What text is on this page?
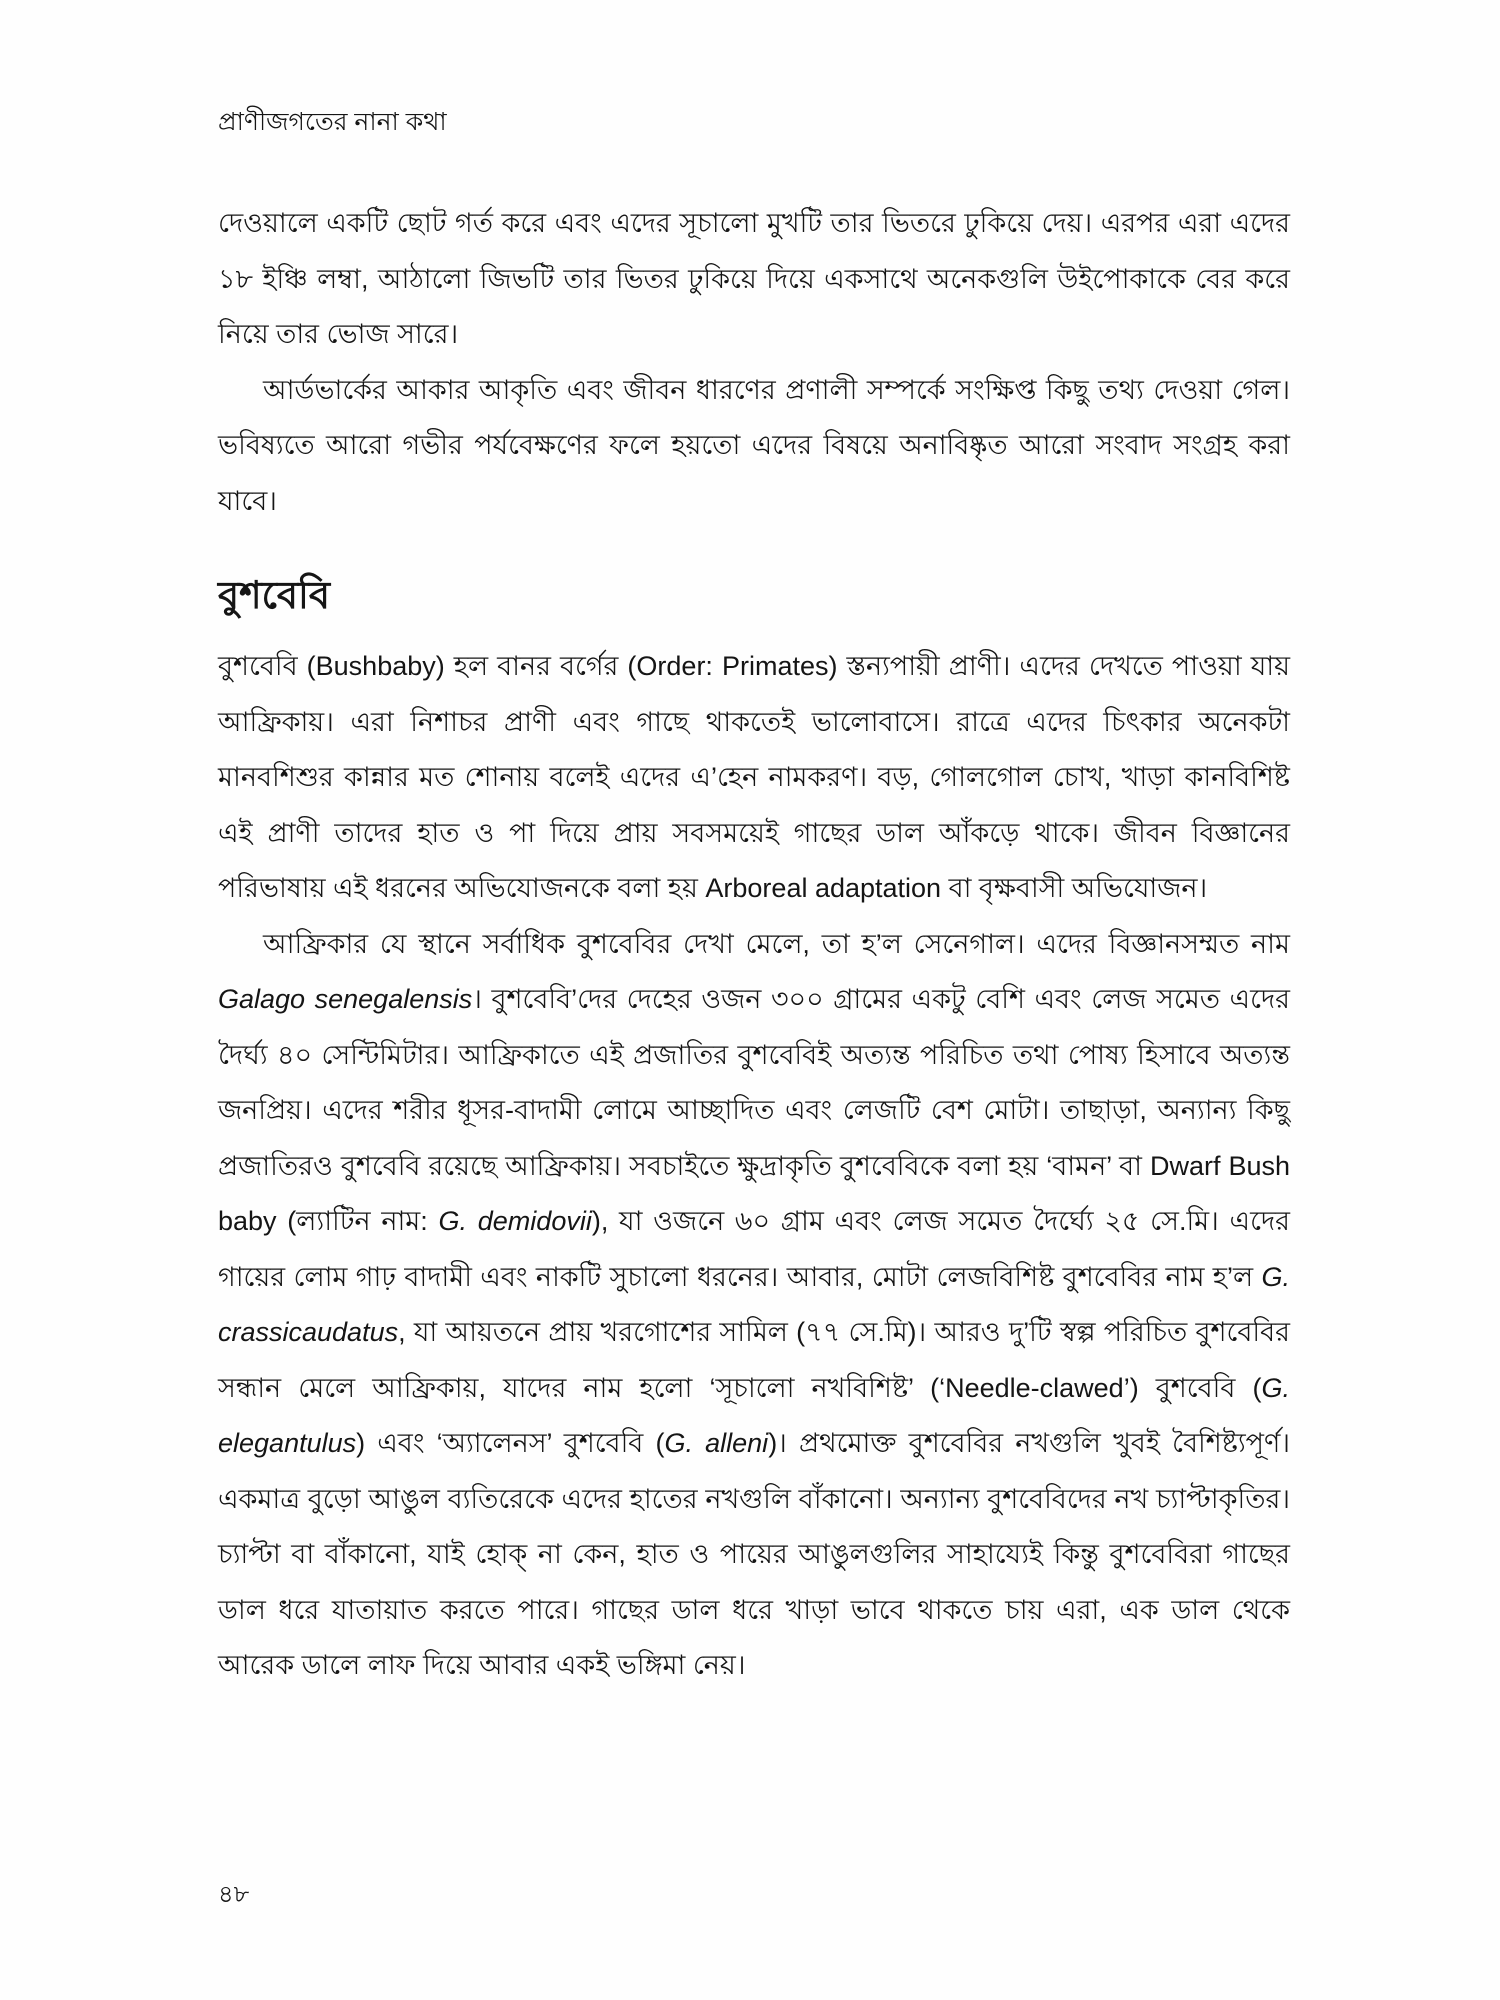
প্রাণীজগতের নানা কথা

দেওয়ালে একটি ছোট গর্ত করে এবং এদের সূচালো মুখটি তার ভিতরে ঢুকিয়ে দেয়। এরপর এরা এদের ১৮ ইঞ্চি লম্বা, আঠালো জিভটি তার ভিতর ঢুকিয়ে দিয়ে একসাথে অনেকগুলি উইপোকাকে বের করে নিয়ে তার ভোজ সারে।

আর্ডভার্কের আকার আকৃতি এবং জীবন ধারণের প্রণালী সম্পর্কে সংক্ষিপ্ত কিছু তথ্য দেওয়া গেল। ভবিষ্যতে আরো গভীর পর্যবেক্ষণের ফলে হয়তো এদের বিষয়ে অনাবিষ্কৃত আরো সংবাদ সংগ্রহ করা যাবে।

বুশবেবি

বুশবেবি (Bushbaby) হল বানর বর্গের (Order: Primates) স্তন্যপায়ী প্রাণী। এদের দেখতে পাওয়া যায় আফ্রিকায়। এরা নিশাচর প্রাণী এবং গাছে থাকতেই ভালোবাসে। রাত্রে এদের চিৎকার অনেকটা মানবশিশুর কান্নার মত শোনায় বলেই এদের এ’হেন নামকরণ। বড়, গোলগোল চোখ, খাড়া কানবিশিষ্ট এই প্রাণী তাদের হাত ও পা দিয়ে প্রায় সবসময়েই গাছের ডাল আঁকড়ে থাকে। জীবন বিজ্ঞানের পরিভাষায় এই ধরনের অভিযোজনকে বলা হয় Arboreal adaptation বা বৃক্ষবাসী অভিযোজন।

আফ্রিকার যে স্থানে সর্বাধিক বুশবেবির দেখা মেলে, তা হ’ল সেনেগাল। এদের বিজ্ঞানসম্মত নাম Galago senegalensis। বুশবেবি’দের দেহের ওজন ৩০০ গ্রামের একটু বেশি এবং লেজ সমেত এদের দৈর্ঘ্য ৪০ সেন্টিমিটার। আফ্রিকাতে এই প্রজাতির বুশবেবিই অত্যন্ত পরিচিত তথা পোষ্য হিসাবে অত্যন্ত জনপ্রিয়। এদের শরীর ধূসর-বাদামী লোমে আচ্ছাদিত এবং লেজটি বেশ মোটা। তাছাড়া, অন্যান্য কিছু প্রজাতিরও বুশবেবি রয়েছে আফ্রিকায়। সবচাইতে ক্ষুদ্রাকৃতি বুশবেবিকে বলা হয় ‘বামন’ বা Dwarf Bush baby (ল্যাটিন নাম: G. demidovii), যা ওজনে ৬০ গ্রাম এবং লেজ সমেত দৈর্ঘ্যে ২৫ সে.মি। এদের গায়ের লোম গাঢ় বাদামী এবং নাকটি সুচালো ধরনের। আবার, মোটা লেজবিশিষ্ট বুশবেবির নাম হ’ল G. crassicaudatus, যা আয়তনে প্রায় খরগোশের সামিল (৭৭ সে.মি)। আরও দু’টি স্বল্প পরিচিত বুশবেবির সন্ধান মেলে আফ্রিকায়, যাদের নাম হলো ‘সূচালো নখবিশিষ্ট’ (‘Needle-clawed’) বুশবেবি (G. elegantulus) এবং ‘অ্যালেন‌স’ বুশবেবি (G. alleni)। প্রথমোক্ত বুশবেবির নখগুলি খুবই বৈশিষ্ট্যপূর্ণ। একমাত্র বুড়ো আঙুল ব্যতিরেকে এদের হাতের নখগুলি বাঁকানো। অন্যান্য বুশবেবিদের নখ চ্যাপ্টাকৃতির। চ্যাপ্টা বা বাঁকানো, যাই হোক্ না কেন, হাত ও পায়ের আঙুলগুলির সাহায্যেই কিন্তু বুশবেবিরা গাছের ডাল ধরে যাতায়াত করতে পারে। গাছের ডাল ধরে খাড়া ভাবে থাকতে চায় এরা, এক ডাল থেকে আরেক ডালে লাফ দিয়ে আবার একই ভঙ্গিমা নেয়।

৪৮
